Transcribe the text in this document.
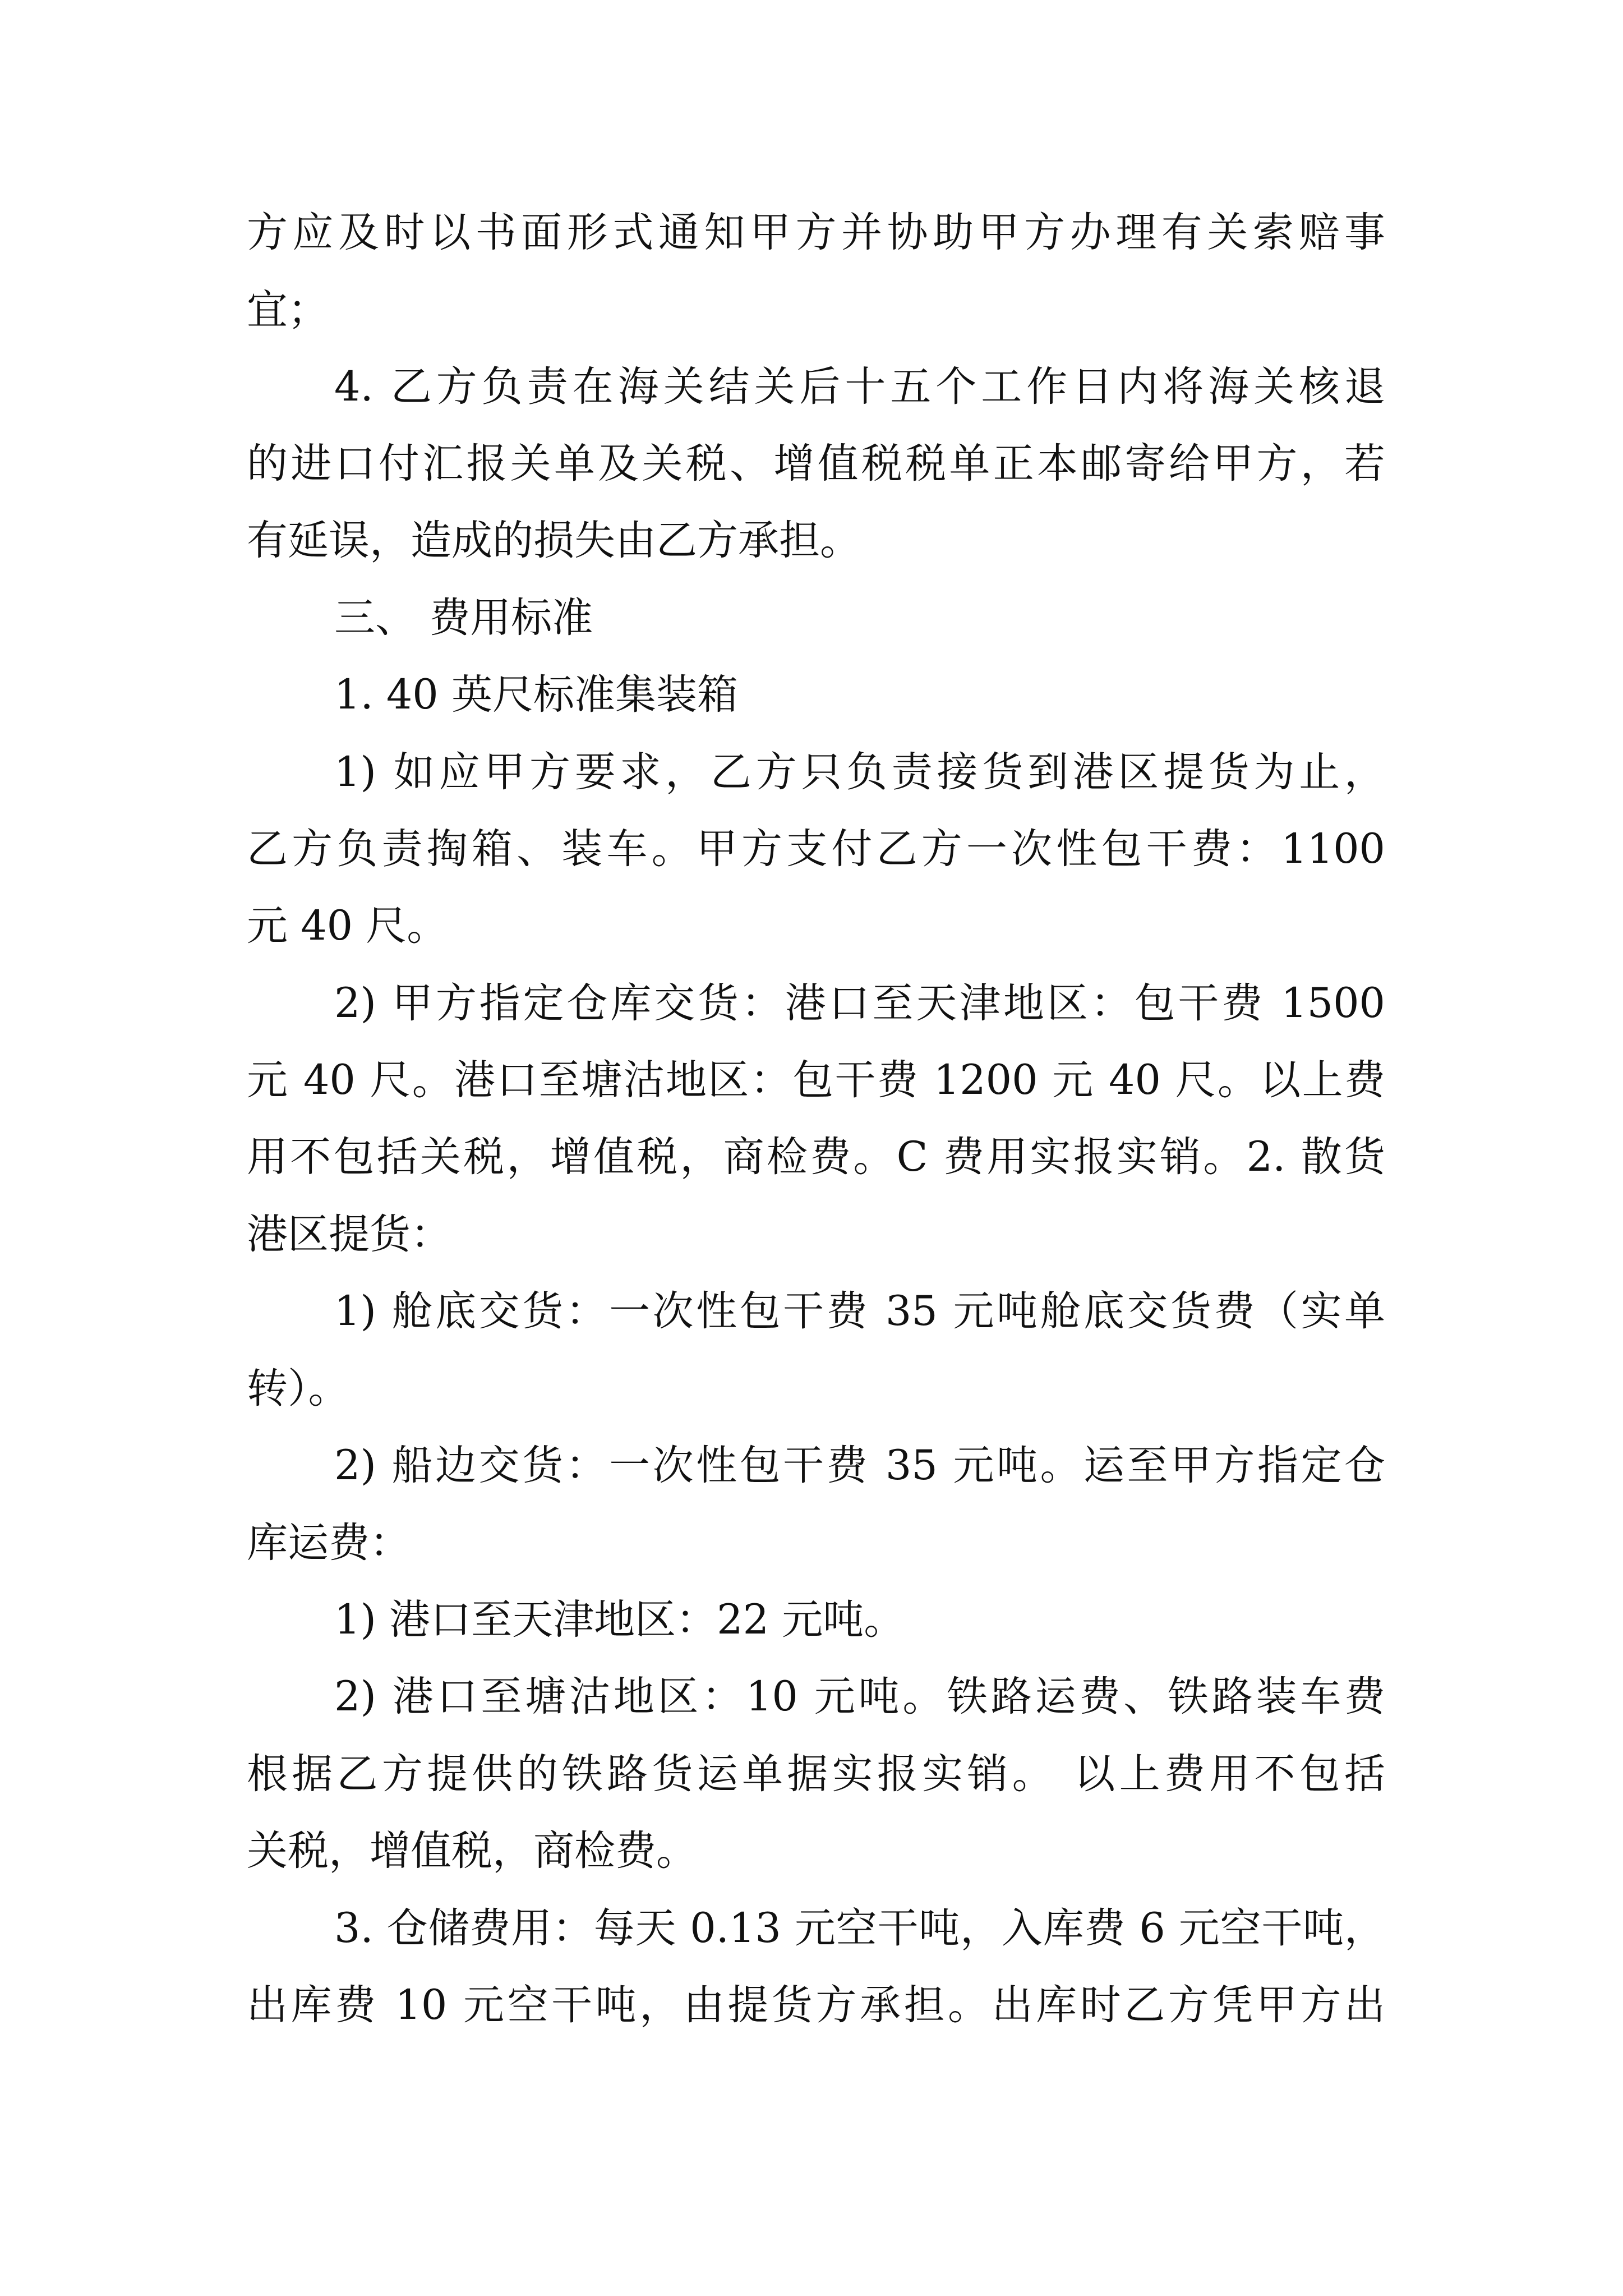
方应及时以书面形式通知甲方并协助甲方办理有关索赔事

宜；

4. 乙方负责在海关结关后十五个工作日内将海关核退

的进口付汇报关单及关税、增值税税单正本邮寄给甲方，若

有延误，造成的损失由乙方承担。

三、 费用标准

1. 40 英尺标准集装箱

1) 如应甲方要求，乙方只负责接货到港区提货为止，

乙方负责掏箱、装车。甲方支付乙方一次性包干费：1100

元 40 尺。

2) 甲方指定仓库交货：港口至天津地区：包干费 1500

元 40 尺。港口至塘沽地区：包干费 1200 元 40 尺。以上费

用不包括关税，增值税，商检费。C 费用实报实销。2. 散货

港区提货：

1) 舱底交货：一次性包干费 35 元吨舱底交货费（实单

转）。

2) 船边交货：一次性包干费 35 元吨。运至甲方指定仓

库运费：

1) 港口至天津地区：22 元吨。

2) 港口至塘沽地区：10 元吨。铁路运费、铁路装车费

根据乙方提供的铁路货运单据实报实销。 以上费用不包括

关税，增值税，商检费。

3. 仓储费用：每天 0.13 元空干吨，入库费 6 元空干吨，

出库费 10 元空干吨，由提货方承担。出库时乙方凭甲方出
